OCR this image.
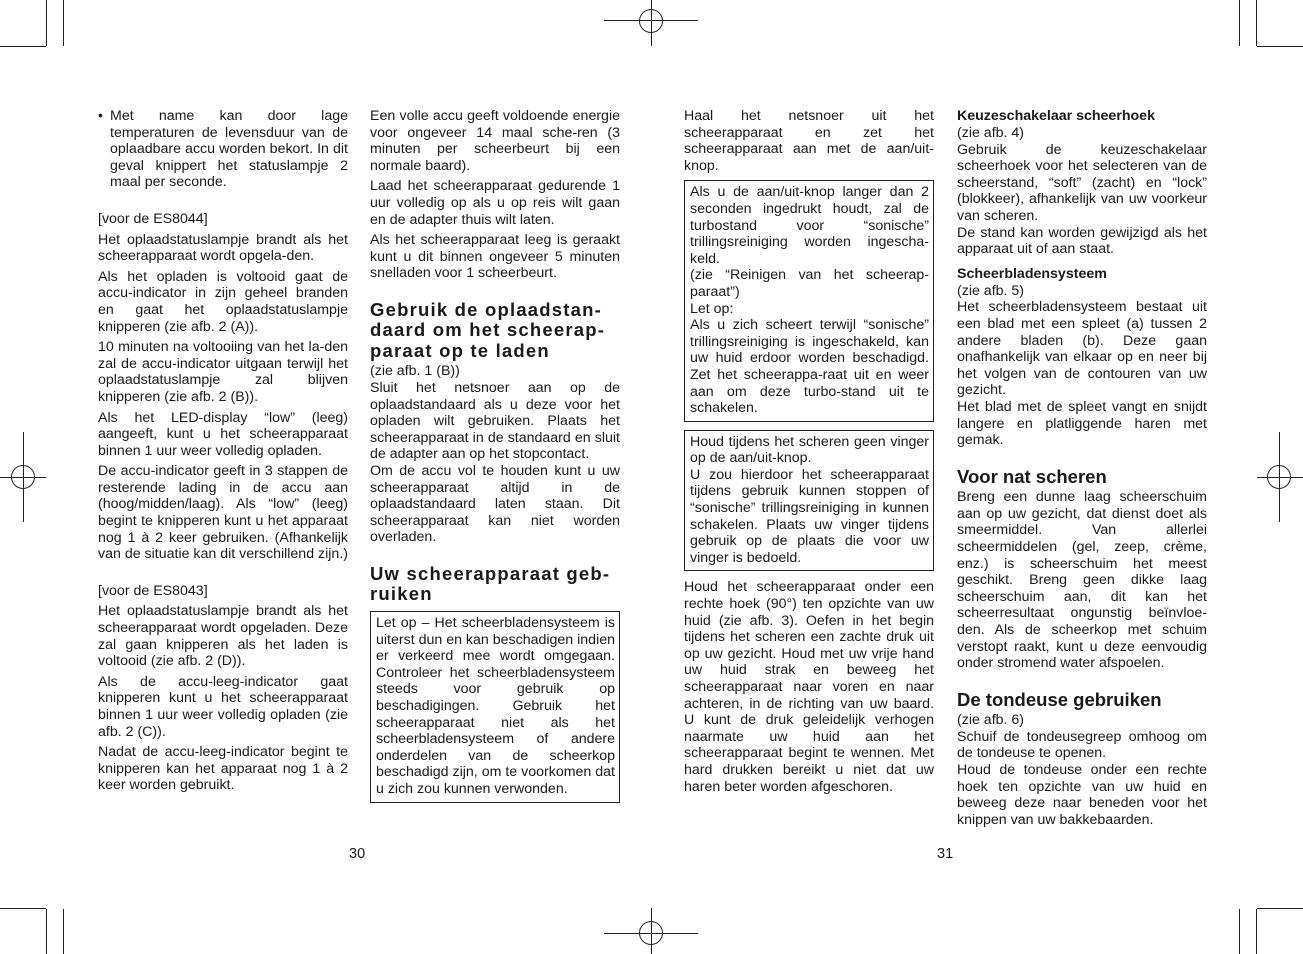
• Met name kan door lage temperaturen de levensduur van de oplaadbare accu worden bekort. In dit geval knippert het statuslampje 2 maal per seconde.

[voor de ES8044]

Het oplaadstatuslampje brandt als het scheerapparaat wordt opgela-den.

Als het opladen is voltooid gaat de accu-indicator in zijn geheel branden en gaat het oplaadstatuslampje knipperen (zie afb. 2 (A)).

10 minuten na voltooiing van het la-den zal de accu-indicator uitgaan terwijl het oplaadstatuslampje zal blijven knipperen (zie afb. 2 (B)).

Als het LED-display “low” (leeg) aangeeft, kunt u het scheerapparaat binnen 1 uur weer volledig opladen.

De accu-indicator geeft in 3 stappen de resterende lading in de accu aan (hoog/midden/laag). Als “low” (leeg) begint te knipperen kunt u het apparaat nog 1 à 2 keer gebruiken. (Afhankelijk van de situatie kan dit verschillend zijn.)

[voor de ES8043]

Het oplaadstatuslampje brandt als het scheerapparaat wordt opgeladen. Deze zal gaan knipperen als het laden is voltooid (zie afb. 2 (D)).

Als de accu-leeg-indicator gaat knipperen kunt u het scheerapparaat binnen 1 uur weer volledig opladen (zie afb. 2 (C)).

Nadat de accu-leeg-indicator begint te knipperen kan het apparaat nog 1 à 2 keer worden gebruikt.

Een volle accu geeft voldoende energie voor ongeveer 14 maal sche-ren (3 minuten per scheerbeurt bij een normale baard).

Laad het scheerapparaat gedurende 1 uur volledig op als u op reis wilt gaan en de adapter thuis wilt laten.

Als het scheerapparaat leeg is geraakt kunt u dit binnen ongeveer 5 minuten snelladen voor 1 scheerbeurt.

Gebruik de oplaadstan-daard om het scheerap-paraat op te laden
(zie afb. 1 (B))
Sluit het netsnoer aan op de oplaadstandaard als u deze voor het opladen wilt gebruiken. Plaats het scheerapparaat in de standaard en sluit de adapter aan op het stopcontact.

Om de accu vol te houden kunt u uw scheerapparaat altijd in de oplaadstandaard laten staan. Dit scheerapparaat kan niet worden overladen.

Uw scheerapparaat geb-ruiken
Let op – Het scheerbladensysteem is uiterst dun en kan beschadigen indien er verkeerd mee wordt omgegaan. Controleer het scheerbladensysteem steeds voor gebruik op beschadigingen. Gebruik het scheerapparaat niet als het scheerbladensysteem of andere onderdelen van de scheerkop beschadigd zijn, om te voorkomen dat u zich zou kunnen verwonden.
30

Haal het netsnoer uit het scheerapparaat en zet het scheerapparaat aan met de aan/uit-knop.

Als u de aan/uit-knop langer dan 2 seconden ingedrukt houdt, zal de turbostand voor “sonische” trillingsreiniging worden ingescha-keld.
(zie “Reinigen van het scheerap-paraat”)
Let op:
Als u zich scheert terwijl “sonische” trillingsreiniging is ingeschakeld, kan uw huid erdoor worden beschadigd. Zet het scheerappa-raat uit en weer aan om deze turbo-stand uit te schakelen.
Houd tijdens het scheren geen vinger op de aan/uit-knop.
U zou hierdoor het scheerapparaat tijdens gebruik kunnen stoppen of “sonische” trillingsreiniging in kunnen schakelen. Plaats uw vinger tijdens gebruik op de plaats die voor uw vinger is bedoeld.

Houd het scheerapparaat onder een rechte hoek (90°) ten opzichte van uw huid (zie afb. 3). Oefen in het begin tijdens het scheren een zachte druk uit op uw gezicht. Houd met uw vrije hand uw huid strak en beweeg het scheerapparaat naar voren en naar achteren, in de richting van uw baard. U kunt de druk geleidelijk verhogen naarmate uw huid aan het scheerapparaat begint te wennen. Met hard drukken bereikt u niet dat uw haren beter worden afgeschoren.

Keuzeschakelaar scheerhoek
(zie afb. 4)
Gebruik de keuzeschakelaar scheerhoek voor het selecteren van de scheerstand, “soft” (zacht) en “lock” (blokkeer), afhankelijk van uw voorkeur van scheren.

De stand kan worden gewijzigd als het apparaat uit of aan staat.

Scheerbladensysteem
(zie afb. 5)
Het scheerbladensysteem bestaat uit een blad met een spleet (a) tussen 2 andere bladen (b). Deze gaan onafhankelijk van elkaar op en neer bij het volgen van de contouren van uw gezicht.

Het blad met de spleet vangt en snijdt langere en platliggende haren met gemak.

Voor nat scheren

Breng een dunne laag scheerschuim aan op uw gezicht, dat dienst doet als smeermiddel. Van allerlei scheermiddelen (gel, zeep, crème, enz.) is scheerschuim het meest geschikt. Breng geen dikke laag scheerschuim aan, dit kan het scheerresultaat ongunstig beïnvloe-den. Als de scheerkop met schuim verstopt raakt, kunt u deze eenvoudig onder stromend water afspoelen.

De tondeuse gebruiken
(zie afb. 6)
Schuif de tondeusegreep omhoog om de tondeuse te openen.
Houd de tondeuse onder een rechte hoek ten opzichte van uw huid en beweeg deze naar beneden voor het knippen van uw bakkebaarden.
31
